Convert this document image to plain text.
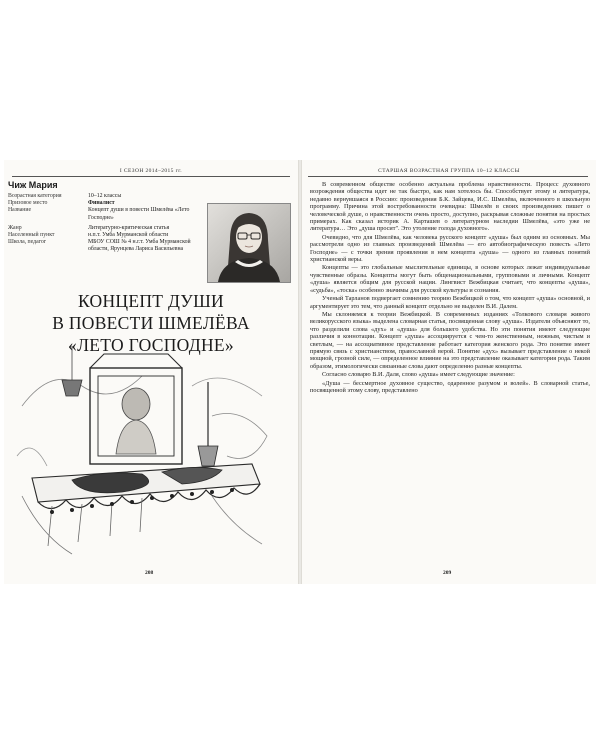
I СЕЗОН 2014–2015 гг.
Чиж Мария
Возрастная категория	10–12 классы
Призовое место	Финалист
Название	Концепт души в повести Шмелёва «Лето Господне»
Жанр	Литературно-критическая статья
Населенный пункт	н.п.т. Умба Мурманской области
Школа, педагог	МБОУ СОШ № 4 н.г.т. Умба Мурманской области, Ярунцева Лариса Васильевна
КОНЦЕПТ ДУШИ
В ПОВЕСТИ ШМЕЛЁВА
«ЛЕТО ГОСПОДНЕ»
208
СТАРШАЯ ВОЗРАСТНАЯ ГРУППА 10–12 КЛАССЫ

В современном обществе особенно актуальна проблема нравственности. Процесс духовного возрождения общества идет не так быстро, как нам хотелось бы. Способствует этому и литература, недавно вернувшаяся в Россию: произведения Б.К. Зайцева, И.С. Шмелёва, включенного в школьную программу. Причина этой востребованности очевидна: Шмелёв в своих произведениях пишет о человеческой душе, о нравственности очень просто, доступно, раскрывая сложные понятия на простых примерах. Как сказал историк А. Карташев о литературном наследии Шмелёва, «это уже не литература… Это „душа просит". Это утоление голода духовного».

Очевидно, что для Шмелёва, как человека русского концепт «душа» был одним из основных. Мы рассмотрели одно из главных произведений Шмелёва — его автобиографическую повесть «Лето Господне» — с точки зрения проявления в нем концепта «душа» — одного из главных понятий христианской веры.

Концепты — это глобальные мыслительные единицы, в основе которых лежат индивидуальные чувственные образы. Концепты могут быть общенациональными, групповыми и личными. Концепт «душа» является общим для русской нации. Лингвист Вежбицкая считает, что концепты «душа», «судьба», «тоска» особенно значимы для русской культуры и сознания.

Ученый Тарланов подвергает сомнению теорию Вежбицкой о том, что концепт «душа» основной, и аргументирует это тем, что данный концепт отдельно не выделен В.И. Далем.

Мы склоняемся к теории Вежбицкой. В современных изданиях «Толкового словаря живого великорусского языка» выделена словарная статья, посвященная слову «душа». Издатели объясняют то, что разделили слова «дух» и «душа» для большего удобства. Но эти понятия имеют следующие различия в коннотации. Концепт «душа» ассоциируется с чем-то женственным, нежным, чистым и светлым, — на ассоциативное представление работает категория женского рода. Это понятие имеет прямую связь с христианством, православной верой. Понятие «дух» вызывает представление о некой мощной, грозной силе, — определенное влияние на это представление оказывает категория рода. Таким образом, этимологически связанные слова дают определенно разные концепты.

Согласно словарю В.И. Даля, слово «душа» имеет следующие значение:

«Душа — бессмертное духовное существо, одаренное разумом и волей». В словарной статье, посвященной этому слову, представлено

209
